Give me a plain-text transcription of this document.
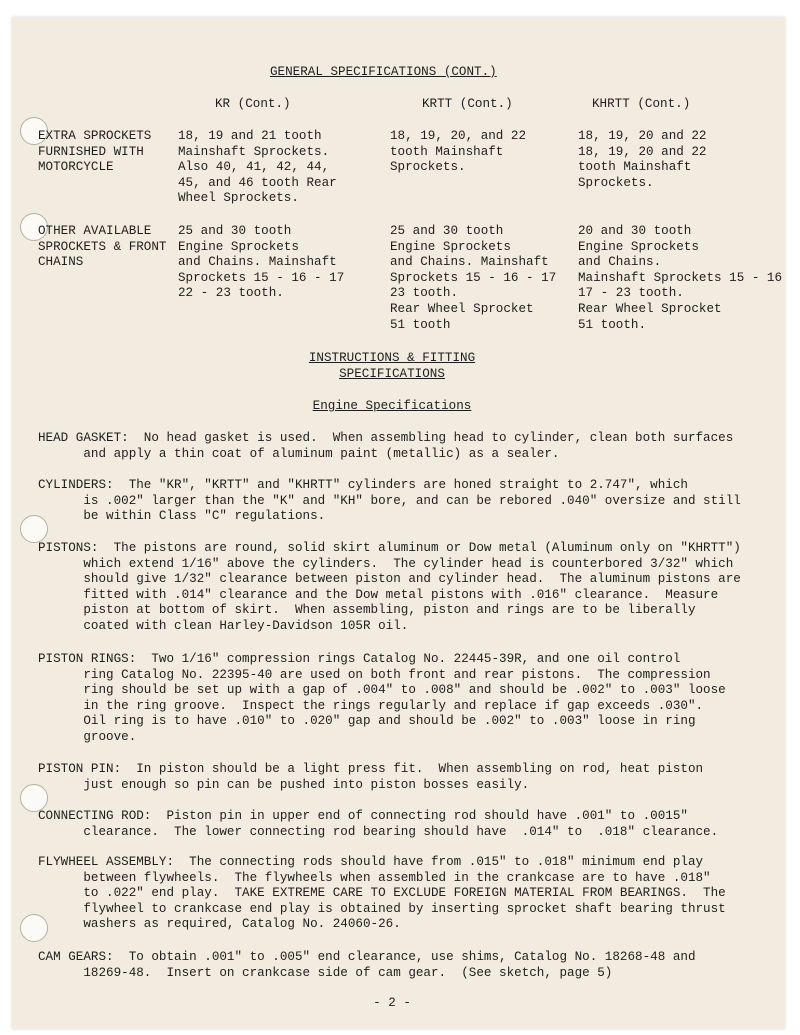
GENERAL SPECIFICATIONS (CONT.)
KR (Cont.)	KRTT (Cont.)	KHRTT (Cont.)
EXTRA SPROCKETS
FURNISHED WITH
MOTORCYCLE
18, 19 and 21 tooth
Mainshaft Sprockets.
Also 40, 41, 42, 44,
45, and 46 tooth Rear
Wheel Sprockets.
18, 19, 20, and 22
tooth Mainshaft
Sprockets.
18, 19, 20 and 22
18, 19, 20 and 22
tooth Mainshaft
Sprockets.
OTHER AVAILABLE
SPROCKETS & FRONT
CHAINS
25 and 30 tooth
Engine Sprockets
and Chains. Mainshaft
Sprockets 15 - 16 - 17
22 - 23 tooth.
25 and 30 tooth
Engine Sprockets
and Chains. Mainshaft
Sprockets 15 - 16 - 17
23 tooth.
Rear Wheel Sprocket
51 tooth
20 and 30 tooth
Engine Sprockets
and Chains.
Mainshaft Sprockets 15 - 16
17 - 23 tooth.
Rear Wheel Sprocket
51 tooth.
INSTRUCTIONS & FITTING
SPECIFICATIONS
Engine Specifications
HEAD GASKET:  No head gasket is used.  When assembling head to cylinder, clean both surfaces
and apply a thin coat of aluminum paint (metallic) as a sealer.
CYLINDERS:  The "KR", "KRTT" and "KHRTT" cylinders are honed straight to 2.747", which
is .002" larger than the "K" and "KH" bore, and can be rebored .040" oversize and still
be within Class "C" regulations.
PISTONS:  The pistons are round, solid skirt aluminum or Dow metal (Aluminum only on "KHRTT")
which extend 1/16" above the cylinders.  The cylinder head is counterbored 3/32" which
should give 1/32" clearance between piston and cylinder head.  The aluminum pistons are
fitted with .014" clearance and the Dow metal pistons with .016" clearance.  Measure
piston at bottom of skirt.  When assembling, piston and rings are to be liberally
coated with clean Harley-Davidson 105R oil.
PISTON RINGS:  Two 1/16" compression rings Catalog No. 22445-39R, and one oil control
ring Catalog No. 22395-40 are used on both front and rear pistons.  The compression
ring should be set up with a gap of .004" to .008" and should be .002" to .003" loose
in the ring groove.  Inspect the rings regularly and replace if gap exceeds .030".
Oil ring is to have .010" to .020" gap and should be .002" to .003" loose in ring
groove.
PISTON PIN:  In piston should be a light press fit.  When assembling on rod, heat piston
just enough so pin can be pushed into piston bosses easily.
CONNECTING ROD:  Piston pin in upper end of connecting rod should have .001" to .0015"
clearance.  The lower connecting rod bearing should have  .014" to  .018" clearance.
FLYWHEEL ASSEMBLY:  The connecting rods should have from .015" to .018" minimum end play
between flywheels.  The flywheels when assembled in the crankcase are to have .018"
to .022" end play.  TAKE EXTREME CARE TO EXCLUDE FOREIGN MATERIAL FROM BEARINGS.  The
flywheel to crankcase end play is obtained by inserting sprocket shaft bearing thrust
washers as required, Catalog No. 24060-26.
CAM GEARS:  To obtain .001" to .005" end clearance, use shims, Catalog No. 18268-48 and
18269-48.  Insert on crankcase side of cam gear.  (See sketch, page 5)
- 2 -
